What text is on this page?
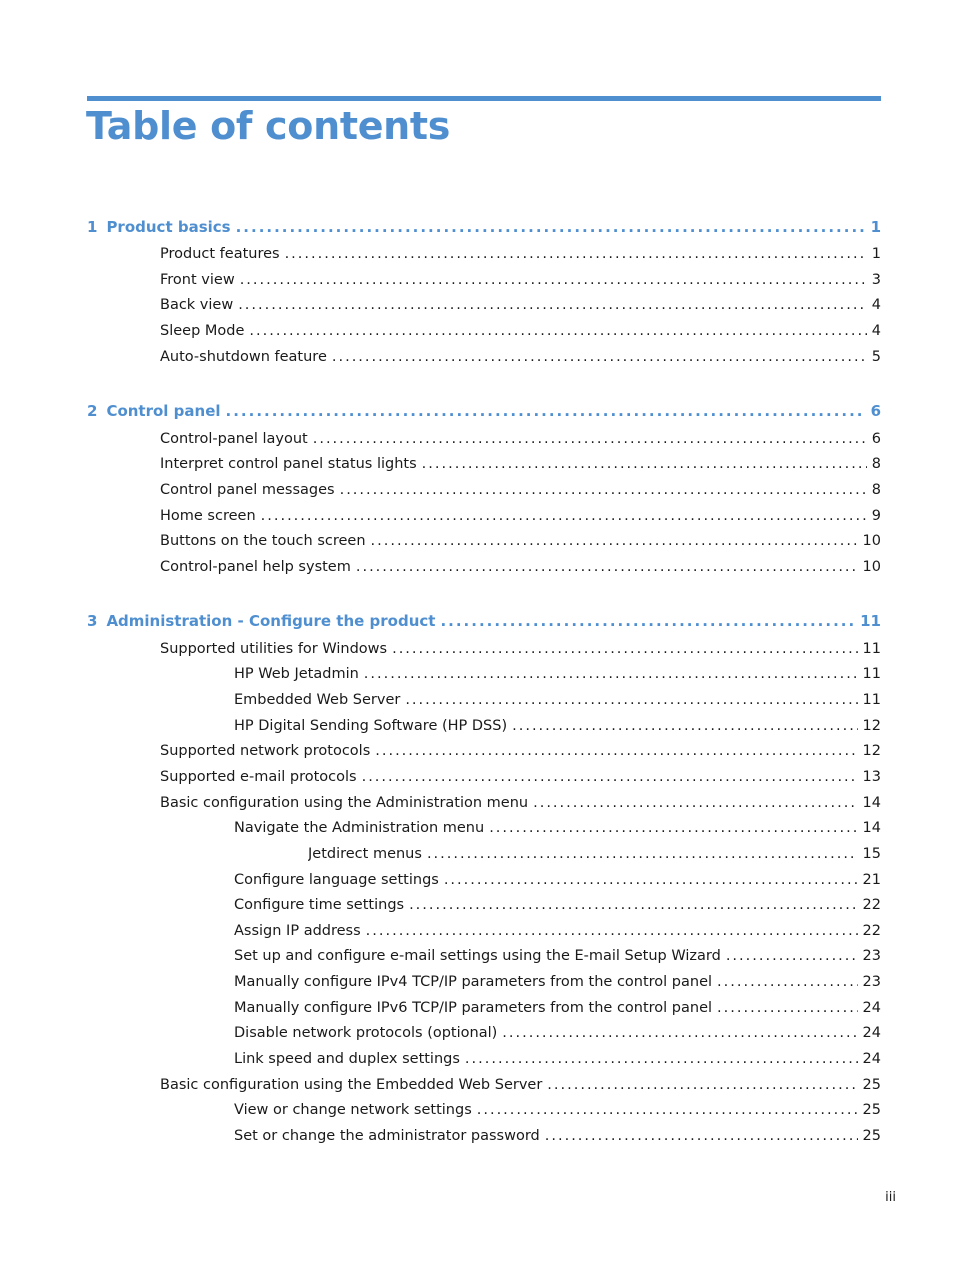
Table of contents
1 Product basics .....	1
Product features .....	1
Front view .....	3
Back view .....	4
Sleep Mode .....	4
Auto-shutdown feature .....	5
2 Control panel .....	6
Control-panel layout .....	6
Interpret control panel status lights .....	8
Control panel messages .....	8
Home screen .....	9
Buttons on the touch screen .....	10
Control-panel help system .....	10
3 Administration - Configure the product .....	11
Supported utilities for Windows .....	11
HP Web Jetadmin .....	11
Embedded Web Server .....	11
HP Digital Sending Software (HP DSS) .....	12
Supported network protocols .....	12
Supported e-mail protocols .....	13
Basic configuration using the Administration menu .....	14
Navigate the Administration menu .....	14
Jetdirect menus .....	15
Configure language settings .....	21
Configure time settings .....	22
Assign IP address .....	22
Set up and configure e-mail settings using the E-mail Setup Wizard .....	23
Manually configure IPv4 TCP/IP parameters from the control panel .....	23
Manually configure IPv6 TCP/IP parameters from the control panel .....	24
Disable network protocols (optional) .....	24
Link speed and duplex settings .....	24
Basic configuration using the Embedded Web Server .....	25
View or change network settings .....	25
Set or change the administrator password .....	25
iii
